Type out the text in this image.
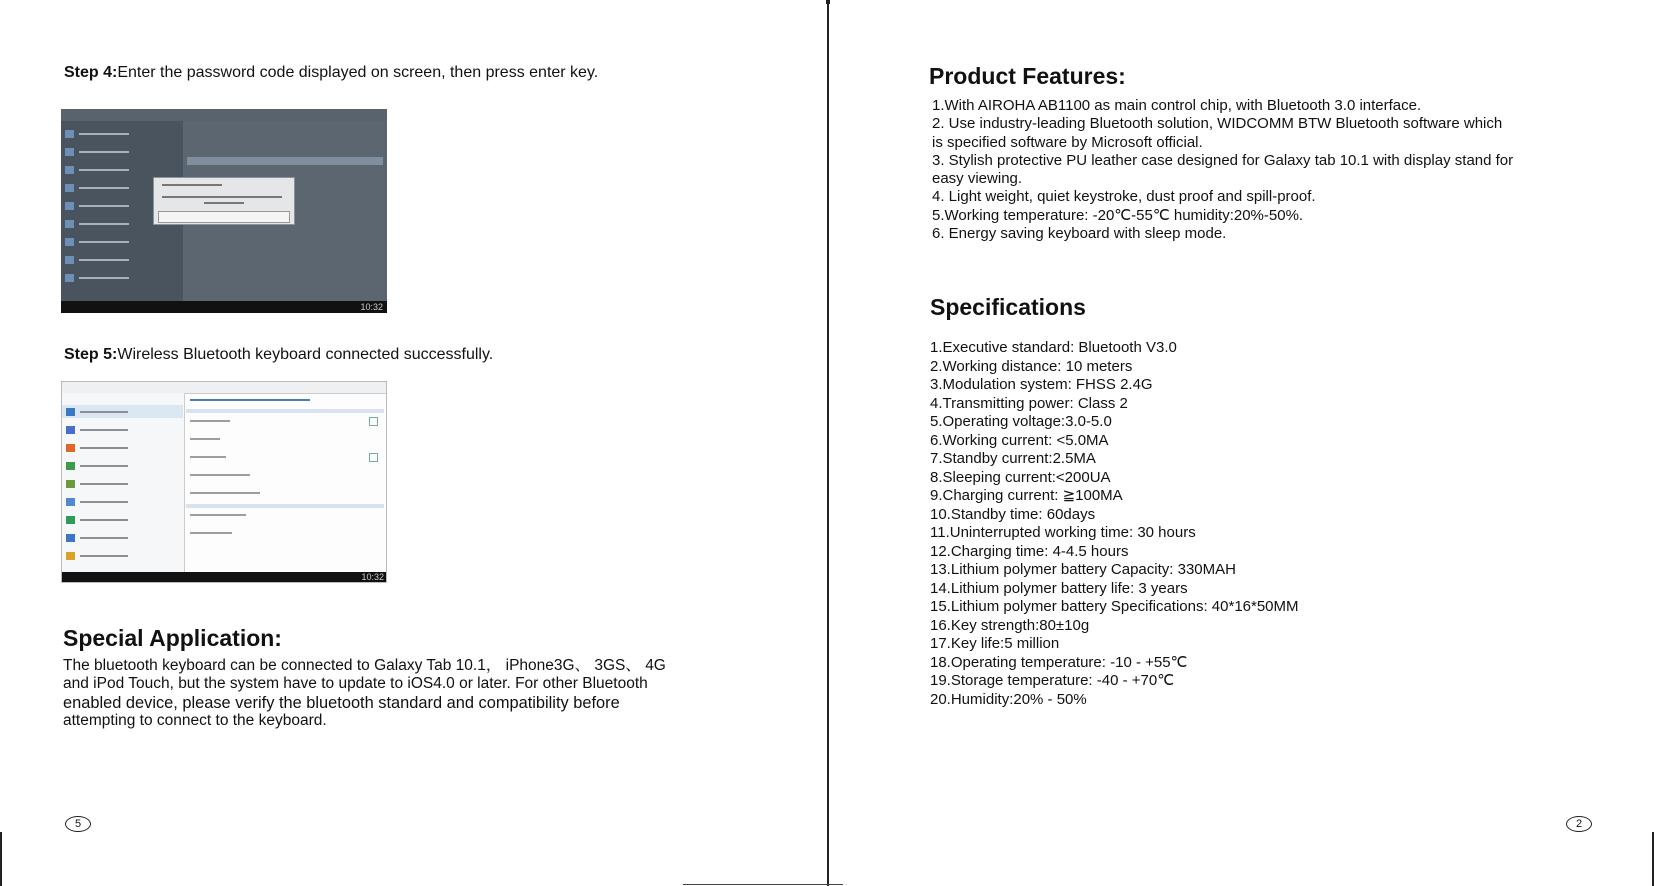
Step 4:Enter the password code displayed on screen, then press enter key.
10:32
Step 5:Wireless Bluetooth keyboard connected successfully.
10:32
Special Application:

The bluetooth keyboard can be connected to Galaxy Tab 10.1， iPhone3G、 3GS、 4G

and iPod Touch, but the system have to update to iOS4.0 or later. For other Bluetooth

enabled device, please verify the bluetooth standard and compatibility before

attempting to connect to the keyboard.

5
Product Features:

1.With AIROHA AB1100 as main control chip, with Bluetooth 3.0 interface.

2. Use industry-leading Bluetooth solution, WIDCOMM BTW Bluetooth software which

is specified software by Microsoft official.

3. Stylish protective PU leather case designed for Galaxy tab 10.1 with display stand for

easy viewing.

4. Light weight, quiet keystroke, dust proof and spill-proof.

5.Working temperature: -20℃-55℃ humidity:20%-50%.

6. Energy saving keyboard with sleep mode.

Specifications
1.Executive standard: Bluetooth V3.0
2.Working distance: 10 meters
3.Modulation system: FHSS 2.4G
4.Transmitting power: Class 2
5.Operating voltage:3.0-5.0
6.Working current: <5.0MA
7.Standby current:2.5MA
8.Sleeping current:<200UA
9.Charging current: ≧100MA
10.Standby time: 60days
11.Uninterrupted working time: 30 hours
12.Charging time: 4-4.5 hours
13.Lithium polymer battery Capacity: 330MAH
14.Lithium polymer battery life: 3 years
15.Lithium polymer battery Specifications: 40*16*50MM
16.Key strength:80±10g
17.Key life:5 million
18.Operating temperature: -10 - +55℃
19.Storage temperature: -40 - +70℃
20.Humidity:20% - 50%
2
